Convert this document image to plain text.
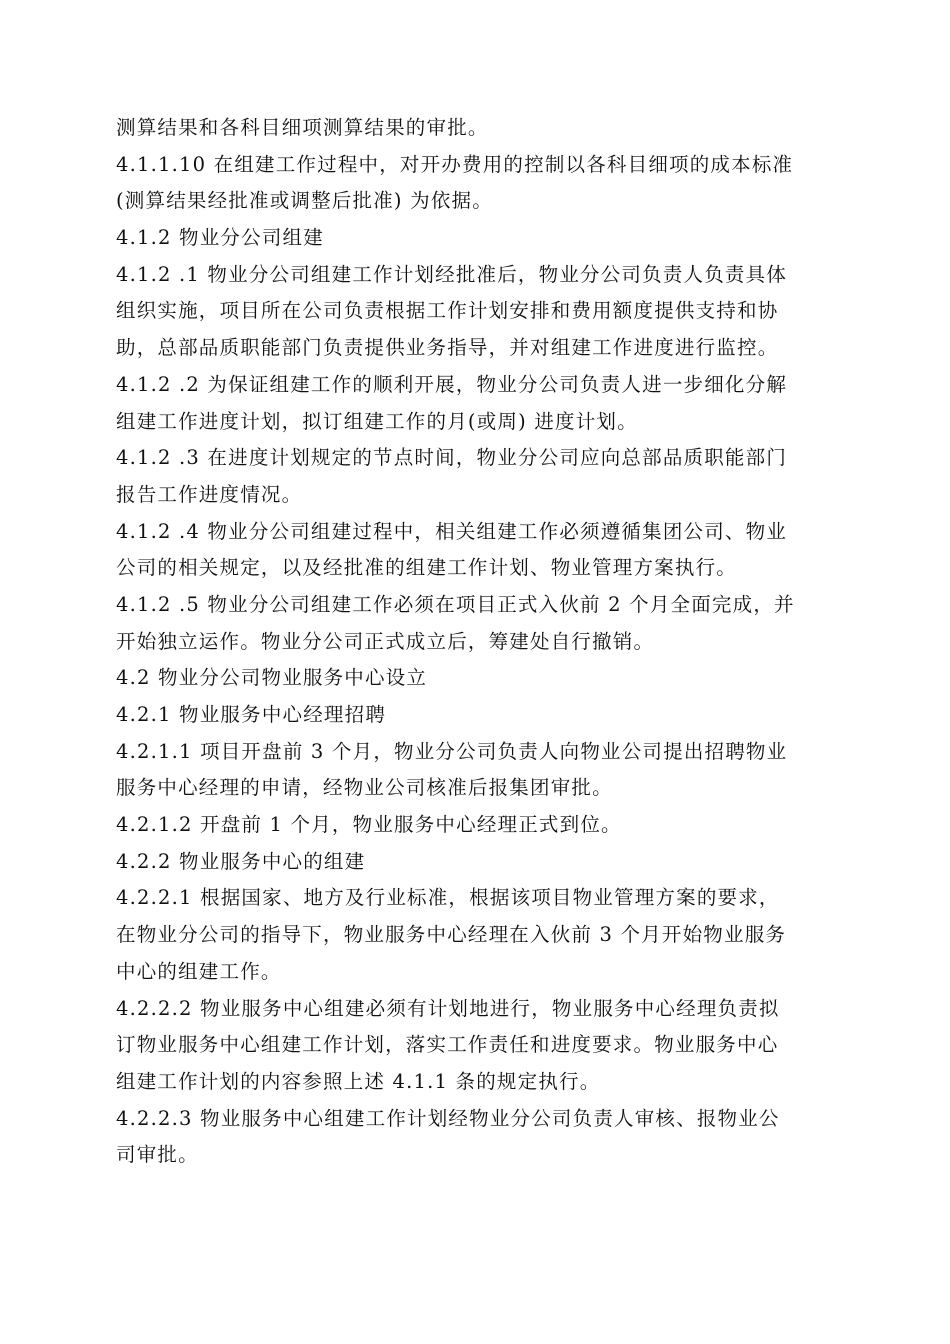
测算结果和各科目细项测算结果的审批。
4.1.1.10 在组建工作过程中，对开办费用的控制以各科目细项的成本标准
(测算结果经批准或调整后批准) 为依据。
4.1.2 物业分公司组建
4.1.2 .1 物业分公司组建工作计划经批准后，物业分公司负责人负责具体
组织实施，项目所在公司负责根据工作计划安排和费用额度提供支持和协
助，总部品质职能部门负责提供业务指导，并对组建工作进度进行监控。
4.1.2 .2 为保证组建工作的顺利开展，物业分公司负责人进一步细化分解
组建工作进度计划，拟订组建工作的月(或周) 进度计划。
4.1.2 .3 在进度计划规定的节点时间，物业分公司应向总部品质职能部门
报告工作进度情况。
4.1.2 .4 物业分公司组建过程中，相关组建工作必须遵循集团公司、物业
公司的相关规定，以及经批准的组建工作计划、物业管理方案执行。
4.1.2 .5 物业分公司组建工作必须在项目正式入伙前 2 个月全面完成，并
开始独立运作。物业分公司正式成立后，筹建处自行撤销。
4.2 物业分公司物业服务中心设立
4.2.1 物业服务中心经理招聘
4.2.1.1 项目开盘前 3 个月，物业分公司负责人向物业公司提出招聘物业
服务中心经理的申请，经物业公司核准后报集团审批。
4.2.1.2 开盘前 1 个月，物业服务中心经理正式到位。
4.2.2 物业服务中心的组建
4.2.2.1 根据国家、地方及行业标准，根据该项目物业管理方案的要求，
在物业分公司的指导下，物业服务中心经理在入伙前 3 个月开始物业服务
中心的组建工作。
4.2.2.2 物业服务中心组建必须有计划地进行，物业服务中心经理负责拟
订物业服务中心组建工作计划，落实工作责任和进度要求。物业服务中心
组建工作计划的内容参照上述 4.1.1 条的规定执行。
4.2.2.3 物业服务中心组建工作计划经物业分公司负责人审核、报物业公
司审批。
